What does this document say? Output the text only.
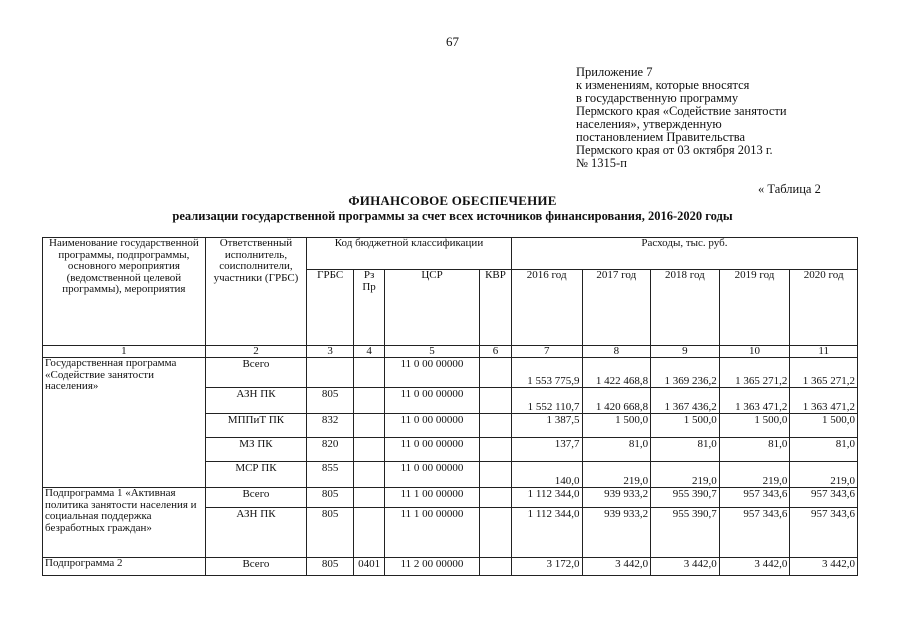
67
Приложение 7
к изменениям, которые вносятся
в государственную программу
Пермского края «Содействие занятости
населения», утвержденную
постановлением Правительства
Пермского края от 03 октября 2013 г.
№ 1315-п
« Таблица 2
ФИНАНСОВОЕ ОБЕСПЕЧЕНИЕ
реализации государственной программы за счет всех источников финансирования, 2016-2020 годы
Наименование государственной программы, подпрограммы, основного мероприятия (ведомственной целевой программы), мероприятия	Ответственный исполнитель, соисполнители, участники (ГРБС)	Код бюджетной классификации				Расходы, тыс. руб.				
		ГРБС	Рз Пр	ЦСР	КВР	2016 год	2017 год	2018 год	2019 год	2020 год
1	2	3	4	5	6	7	8	9	10	11
Государственная программа «Содействие занятости населения»	Всего			11 0 00 00000		1 553 775,9	1 422 468,8	1 369 236,2	1 365 271,2	1 365 271,2
	АЗН ПК	805		11 0 00 00000		1 552 110,7	1 420 668,8	1 367 436,2	1 363 471,2	1 363 471,2
	МППиТ ПК	832		11 0 00 00000		1 387,5	1 500,0	1 500,0	1 500,0	1 500,0
	МЗ ПК	820		11 0 00 00000		137,7	81,0	81,0	81,0	81,0
	МСР ПК	855		11 0 00 00000		140,0	219,0	219,0	219,0	219,0
Подпрограмма 1 «Активная политика занятости населения и социальная поддержка безработных граждан»	Всего	805		11 1 00 00000		1 112 344,0	939 933,2	955 390,7	957 343,6	957 343,6
	АЗН ПК	805		11 1 00 00000		1 112 344,0	939 933,2	955 390,7	957 343,6	957 343,6
Подпрограмма 2	Всего	805	0401	11 2 00 00000		3 172,0	3 442,0	3 442,0	3 442,0	3 442,0
